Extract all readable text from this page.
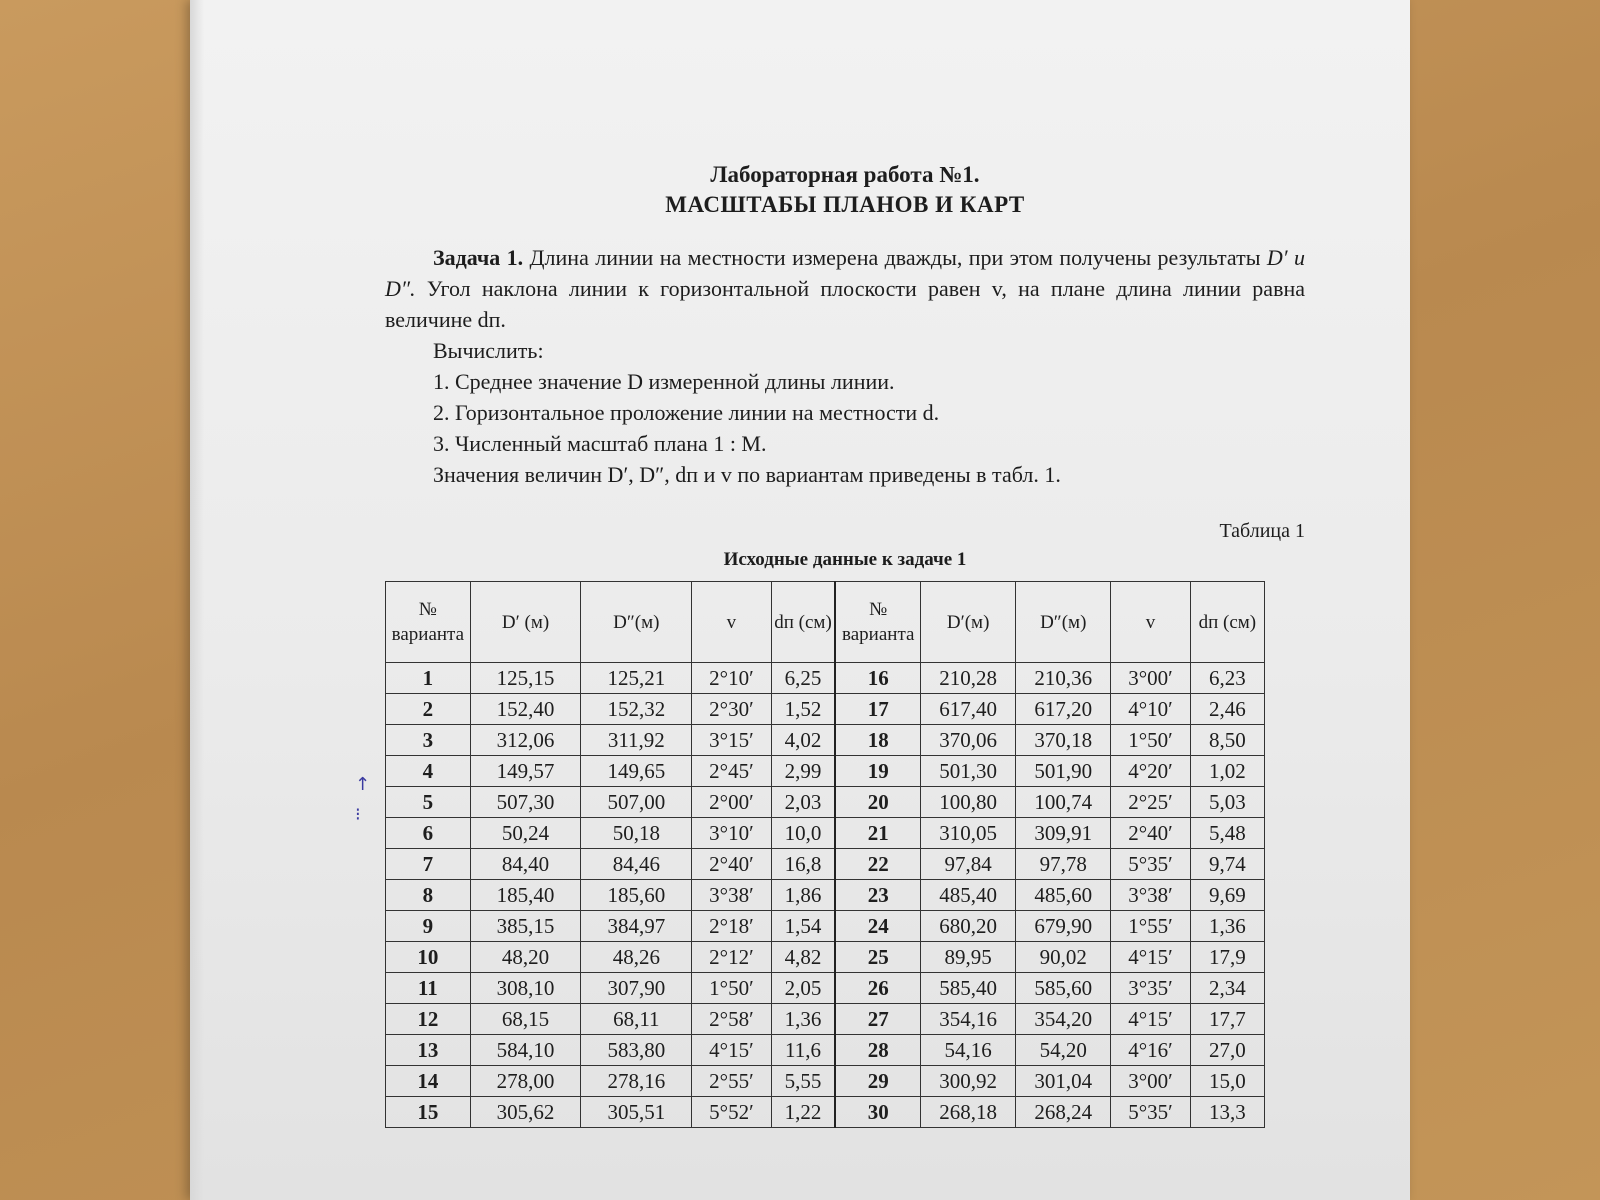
Лабораторная работа №1.

МАСШТАБЫ ПЛАНОВ И КАРТ

Задача 1. Длина линии на местности измерена дважды, при этом получены результаты D′ и D″. Угол наклона линии к горизонтальной плоскости равен v, на плане длина линии равна величине dп.

Вычислить:

1. Среднее значение D измеренной длины линии.

2. Горизонтальное проложение линии на местности d.

3. Численный масштаб плана 1 : М.

Значения величин D′, D″, dп и v по вариантам приведены в табл. 1.

Таблица 1

Исходные данные к задаче 1

№ варианта	D′ (м)	D″(м)	v	dп (см)	№ варианта	D′(м)	D″(м)	v	dп (см)
1	125,15	125,21	2°10′	6,25	16	210,28	210,36	3°00′	6,23
2	152,40	152,32	2°30′	1,52	17	617,40	617,20	4°10′	2,46
3	312,06	311,92	3°15′	4,02	18	370,06	370,18	1°50′	8,50
4	149,57	149,65	2°45′	2,99	19	501,30	501,90	4°20′	1,02
5	507,30	507,00	2°00′	2,03	20	100,80	100,74	2°25′	5,03
6	50,24	50,18	3°10′	10,0	21	310,05	309,91	2°40′	5,48
7	84,40	84,46	2°40′	16,8	22	97,84	97,78	5°35′	9,74
8	185,40	185,60	3°38′	1,86	23	485,40	485,60	3°38′	9,69
9	385,15	384,97	2°18′	1,54	24	680,20	679,90	1°55′	1,36
10	48,20	48,26	2°12′	4,82	25	89,95	90,02	4°15′	17,9
11	308,10	307,90	1°50′	2,05	26	585,40	585,60	3°35′	2,34
12	68,15	68,11	2°58′	1,36	27	354,16	354,20	4°15′	17,7
13	584,10	583,80	4°15′	11,6	28	54,16	54,20	4°16′	27,0
14	278,00	278,16	2°55′	5,55	29	300,92	301,04	3°00′	15,0
15	305,62	305,51	5°52′	1,22	30	268,18	268,24	5°35′	13,3
↑
⁝
